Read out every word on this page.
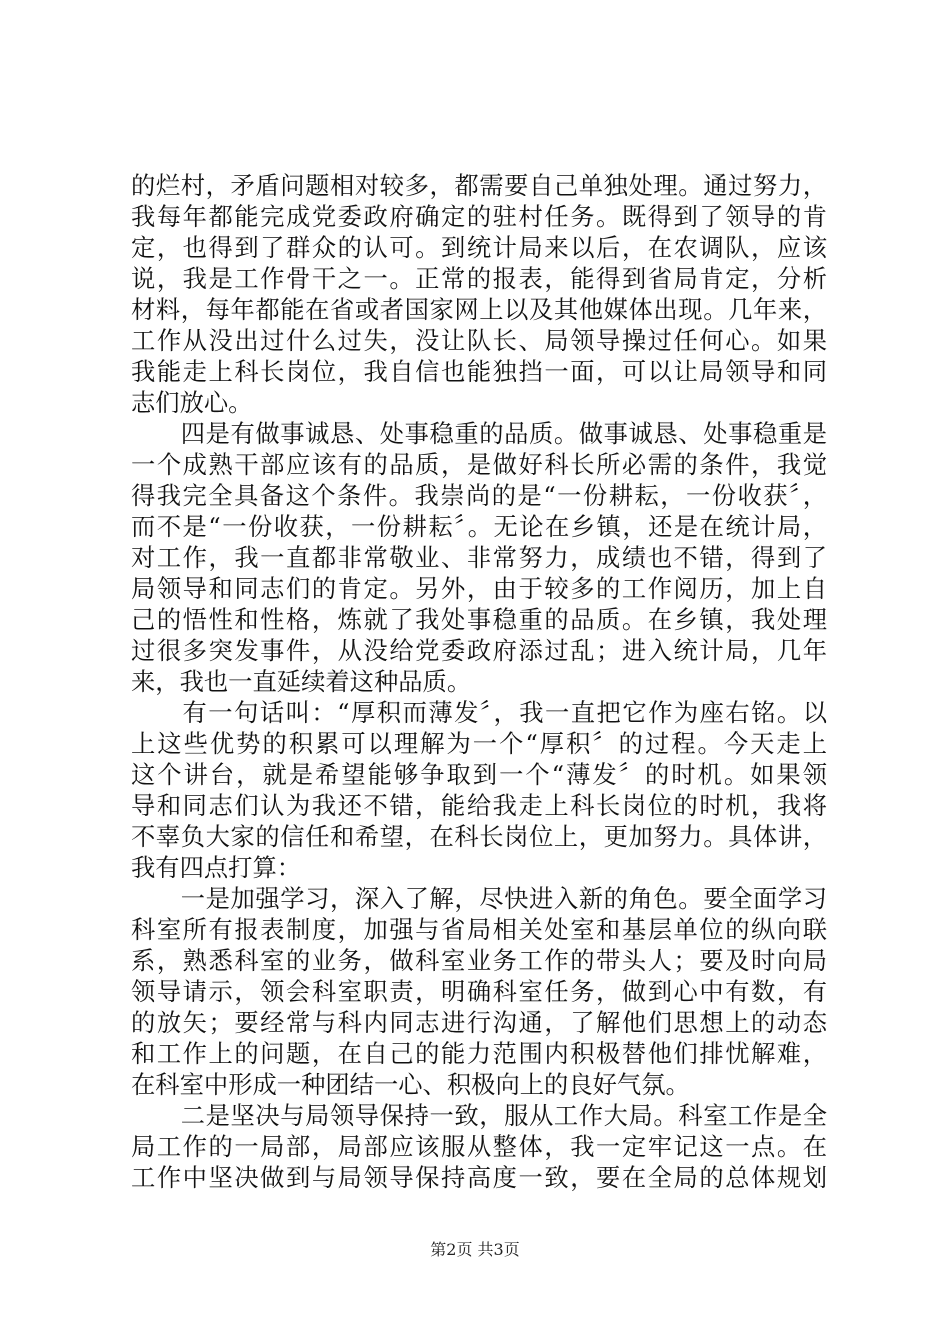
的烂村，矛盾问题相对较多，都需要自己单独处理。通过努力，
我每年都能完成党委政府确定的驻村任务。既得到了领导的肯
定，也得到了群众的认可。到统计局来以后，在农调队，应该
说，我是工作骨干之一。正常的报表，能得到省局肯定，分析
材料，每年都能在省或者国家网上以及其他媒体出现。几年来，
工作从没出过什么过失，没让队长、局领导操过任何心。如果
我能走上科长岗位，我自信也能独挡一面，可以让局领导和同
志们放心。
　　四是有做事诚恳、处事稳重的品质。做事诚恳、处事稳重是
一个成熟干部应该有的品质，是做好科长所必需的条件，我觉
得我完全具备这个条件。我崇尚的是“一份耕耘，一份收获〞，
而不是“一份收获，一份耕耘〞。无论在乡镇，还是在统计局，
对工作，我一直都非常敬业、非常努力，成绩也不错，得到了
局领导和同志们的肯定。另外，由于较多的工作阅历，加上自
己的悟性和性格，炼就了我处事稳重的品质。在乡镇，我处理
过很多突发事件，从没给党委政府添过乱；进入统计局，几年
来，我也一直延续着这种品质。
　　有一句话叫：“厚积而薄发〞，我一直把它作为座右铭。以
上这些优势的积累可以理解为一个“厚积〞的过程。今天走上
这个讲台，就是希望能够争取到一个“薄发〞的时机。如果领
导和同志们认为我还不错，能给我走上科长岗位的时机，我将
不辜负大家的信任和希望，在科长岗位上，更加努力。具体讲，
我有四点打算：
　　一是加强学习，深入了解，尽快进入新的角色。要全面学习
科室所有报表制度，加强与省局相关处室和基层单位的纵向联
系，熟悉科室的业务，做科室业务工作的带头人；要及时向局
领导请示，领会科室职责，明确科室任务，做到心中有数，有
的放矢；要经常与科内同志进行沟通，了解他们思想上的动态
和工作上的问题，在自己的能力范围内积极替他们排忧解难，
在科室中形成一种团结一心、积极向上的良好气氛。
　　二是坚决与局领导保持一致，服从工作大局。科室工作是全
局工作的一局部，局部应该服从整体，我一定牢记这一点。在
工作中坚决做到与局领导保持高度一致，要在全局的总体规划
第2页 共3页
